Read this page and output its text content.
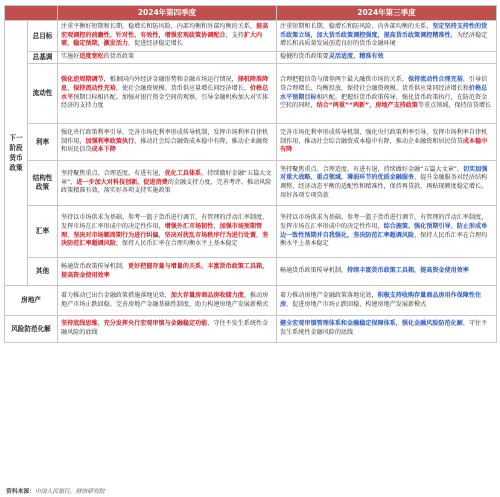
		2024年第四季度	2024年第三季度
下一阶段货币政策	总目标	注重平衡好短期和长期、稳增长和防风险、内部均衡和外部均衡的关系，提高宏观调控的前瞻性、针对性、有效性，增强宏观政策协调配合，支持扩大内需，稳定预期，激发活力，促进经济稳定增长	注重短期和长期、稳增长和防风险、内外部均衡的关系，坚定坚持支持性的货币政策立场，加大货币政策调控强度，提高货币政策调控精准性，为经济稳定增长和高质量发展创造良好的货币金融环境
	总基调	实施好适度宽松的货币政策	稳健的货币政策要灵活适度、精准有效
	流动性	强化逆周期调节，根据国内外经济金融形势和金融市场运行情况，择机降准降息，保持流动性充裕，使社会融资规模、货币供应量增长同经济增长、价格总水平预期目标相匹配。加强对银行资金空间的观察，引导金融机构加大对实体经济的支持力度	合理把握信贷与债券两个最大融资市场的关系，保持流动性合理充裕，引导信贷合理增长、均衡投放，保持社会融资规模、货币供应量同经济增长和价格总水平预期目标相匹配。把握好货币政策传导，强化货币政策执行，在防范资金空转的同时，结合“两重”“两新”，房地产支持政策等重点领域，保持信贷增长
	利率	强化央行政策利率引导，完善市场化利率形成传导机制，发挥市场利率自律机制作用，加强利率政策执行，推动社会综合融资成本稳中有降，推动企业融资和居民信贷成本下降	完善市场化利率形成传导机制，强化央行政策利率引导，发挥市场利率自律机制作用，推动社会综合融资成本稳中有降，推动企业融资和居民信贷成本稳中有降
	结构性政策	坚持聚焦重点、合理适度、有进有退，优化工具体系，持续做好金融“五篇大文章”，进一步加大对科技创新、促进消费的金融支持力度，完善考评、推动风险政策精准有效，落实好各项支持实施政策	坚持聚焦重点、合理适度、有进有退，持续做好金融“五篇大文章”，切实加强对重大战略、重点领域、薄弱环节的优质金融服务，提升金融服务对经济结构调整、经济动态平衡的适配性和精准性，保持再贷款、再贴现额度稳定增长，用好各项专项贷款
	汇率	坚持以市场供求为基础、参考一篮子货币进行调节、有管理的浮动汇率制度，发挥市场在汇率形成中的决定性作用，增强外汇市场韧性，加强市场预期管理，坚决对市场顺周期行为进行纠偏，坚决对扰乱市场秩序行为进行处置，坚决防范汇率超调风险，保持人民币汇率在合理均衡水平上基本稳定	坚持以市场供求为基础、参考一篮子货币进行调节、有管理的浮动汇率制度，发挥市场在汇率形成中的决定性作用，综合施策、强化预期引导、防止形成单边一致性预期并自我强化，坚决防范汇率超调风险，保持人民币汇率在合理均衡水平上基本稳定
	其他	畅通货币政策传导机制，更好把握存量与增量的关系，丰富货币政策工具箱，提高资金使用效率	畅通货币政策传导机制，持续丰富货币政策工具箱，提高资金使用效率
房地产		着力推动已出台金融政策措施落地见效，加大存量房商品房收储力度，推动房地产市场止跌回稳。完善房地产金融基础性制度，助力构建房地产发展新模式	着力推动房地产金融政策落地见效，积极支持收购存量商品房用作保障性住房，促进房地产市场止跌回稳，构建房地产发展新模式
风险防范化解		坚持底线思维，充分发挥央行宏观审慎与金融稳定功能，守住不发生系统性金融风险的底线	健全宏观审慎管理体系和金融稳定保障体系，强化金融风险防范化解，守住不发生系统性金融风险的底线
资料来源：中国人民银行，财信研究院
